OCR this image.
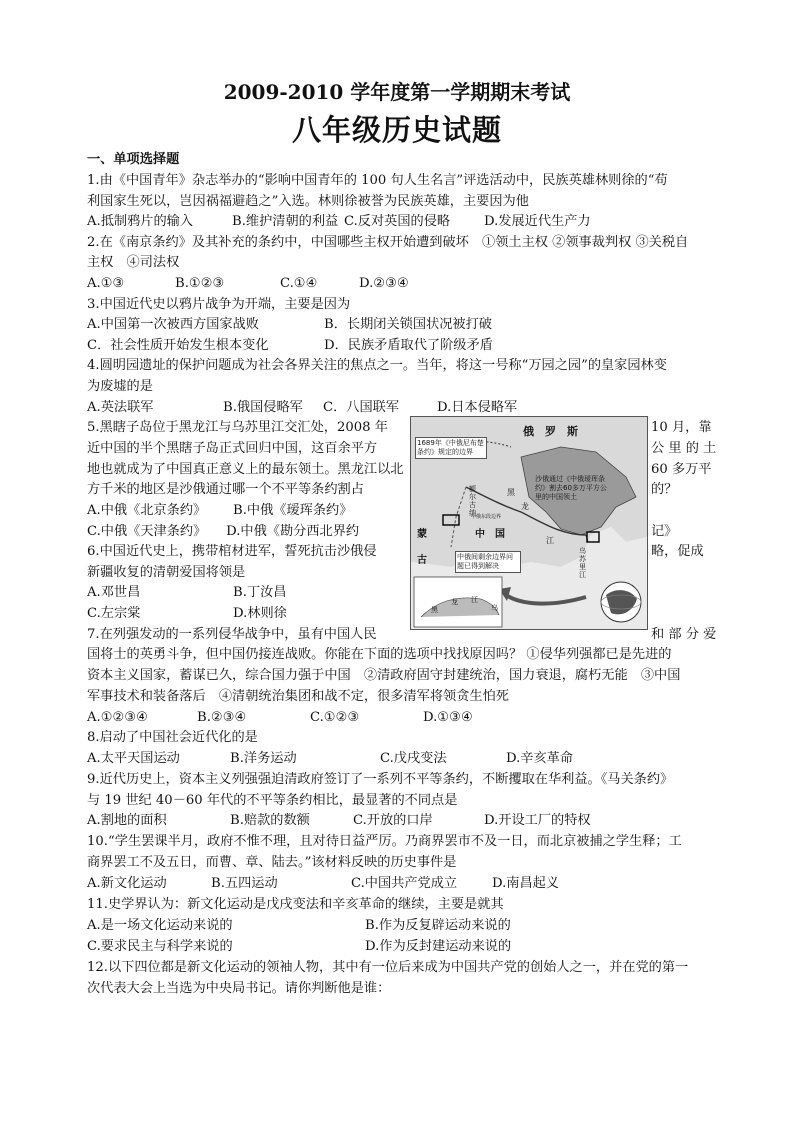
2009-2010 学年度第一学期期末考试
八年级历史试题
一、单项选择题
1.由《中国青年》杂志举办的“影响中国青年的 100 句人生名言”评选活动中，民族英雄林则徐的“苟
利国家生死以，岂因祸福避趋之”入选。林则徐被誉为民族英雄，主要因为他
A.抵制鸦片的输入	B.维护清朝的利益 C.反对英国的侵略	D.发展近代生产力
2.在《南京条约》及其补充的条约中，中国哪些主权开始遭到破坏　①领土主权 ②领事裁判权 ③关税自
主权　④司法权
A.①③	B.①②③	C.①④	D.②③④
3.中国近代史以鸦片战争为开端，主要是因为
A.中国第一次被西方国家战败	B．长期闭关锁国状况被打破
C．社会性质开始发生根本变化	D．民族矛盾取代了阶级矛盾
4.圆明园遗址的保护问题成为社会各界关注的焦点之一。当年，将这一号称“万园之园”的皇家园林变
为废墟的是
A.英法联军	B.俄国侵略军 C．八国联军	D.日本侵略军
5.黑瞎子岛位于黑龙江与乌苏里江交汇处，2008 年	10 月，靠
近中国的半个黑瞎子岛正式回归中国，这百余平方	公 里 的 土
地也就成为了中国真正意义上的最东领土。黑龙江以北	60 多万平
方千米的地区是沙俄通过哪一个不平等条约割占	的？
A.中俄《北京条约》 B.中俄《瑷珲条约》
C.中俄《天津条约》　　D.中俄《勘分西北界约	记》
6.中国近代史上，携带棺材进军，誓死抗击沙俄侵	略，促成
新疆收复的清朝爱国将领是
A.邓世昌	B.丁汝昌
C.左宗棠	D.林则徐
7.在列强发动的一系列侵华战争中，虽有中国人民	和 部 分 爱
国将士的英勇斗争，但中国仍接连战败。你能在下面的选项中找找原因吗？ ①侵华列强都已是先进的
资本主义国家，蓄谋已久，综合国力强于中国　②清政府固守封建统治，国力衰退，腐朽无能　③中国
军事技术和装备落后　④清朝统治集团和战不定，很多清军将领贪生怕死
A.①②③④	B.②③④	C.①②③	D.①③④
8.启动了中国社会近代化的是
A.太平天国运动	B.洋务运动	C.戊戌变法	D.辛亥革命
9.近代历史上，资本主义列强强迫清政府签订了一系列不平等条约，不断攫取在华利益。《马关条约》
与 19 世纪 40－60 年代的不平等条约相比，最显著的不同点是
A.割地的面积	B.赔款的数额	C.开放的口岸	D.开设工厂的特权
10.“学生罢课半月，政府不惟不理，且对待日益严厉。乃商界罢市不及一日，而北京被捕之学生释；工
商界罢工不及五日，而曹、章、陆去。”该材料反映的历史事件是
A.新文化运动	B.五四运动	C.中国共产党成立	D.南昌起义
11.史学界认为：新文化运动是戊戌变法和辛亥革命的继续，主要是就其
A.是一场文化运动来说的	B.作为反复辟运动来说的
C.要求民主与科学来说的	D.作为反封建运动来说的
12.以下四位都是新文化运动的领袖人物，其中有一位后来成为中国共产党的创始人之一，并在党的第一
次代表大会上当选为中央局书记。请你判断他是谁：
俄　罗　斯
1689年《中俄尼布楚条约》规定的边界
沙俄通过《中俄瑷珲条约》割去60多万平方公里的中国领土
中　国
蒙
古	中俄间剩余边界问题已得到解决
黑
龙
江
乌苏里江
额尔古纳
中俄东段边界
黑
龙 江
乌
